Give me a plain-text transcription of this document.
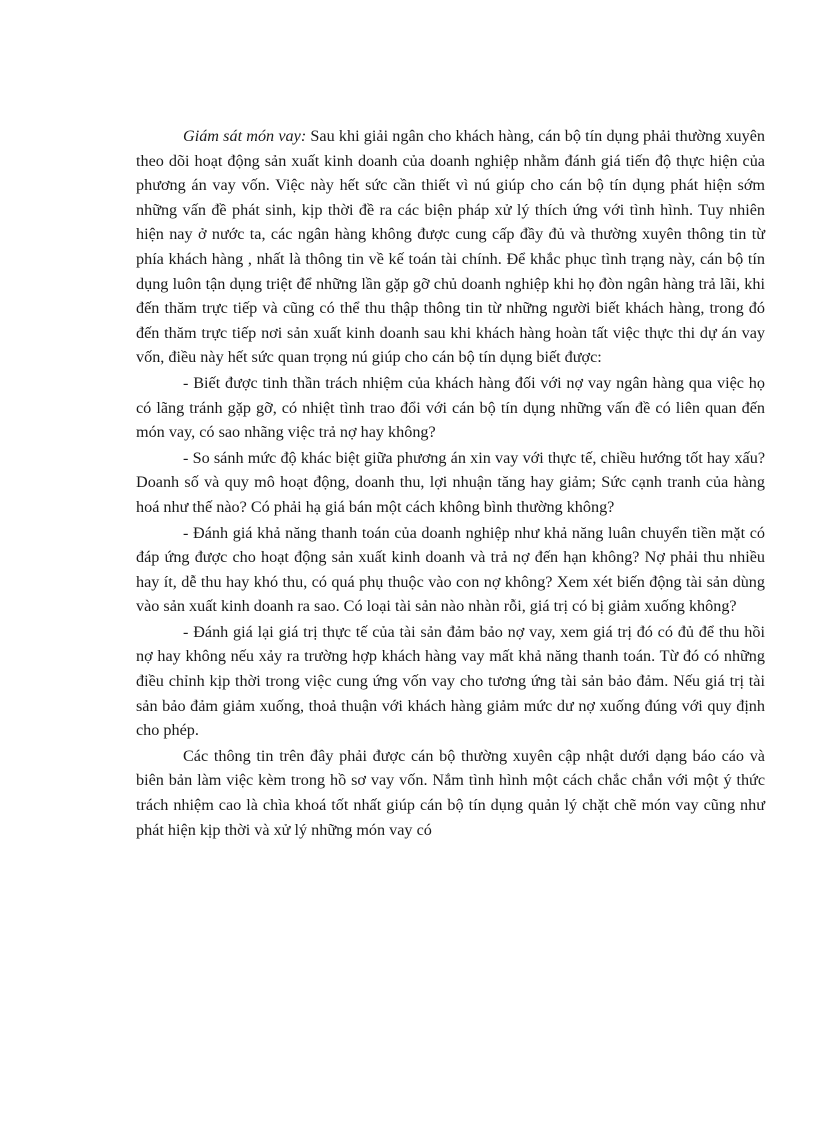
Giám sát món vay: Sau khi giải ngân cho khách hàng, cán bộ tín dụng phải thường xuyên theo dõi hoạt động sản xuất kinh doanh của doanh nghiệp nhằm đánh giá tiến độ thực hiện của phương án vay vốn. Việc này hết sức cần thiết vì nú giúp cho cán bộ tín dụng phát hiện sớm những vấn đề phát sinh, kịp thời đề ra các biện pháp xử lý thích ứng với tình hình. Tuy nhiên hiện nay ở nước ta, các ngân hàng không được cung cấp đầy đủ và thường xuyên thông tin từ phía khách hàng , nhất là thông tin về kế toán tài chính. Để khắc phục tình trạng này, cán bộ tín dụng luôn tận dụng triệt để những lần gặp gỡ chủ doanh nghiệp khi họ đòn ngân hàng trả lãi, khi đến thăm trực tiếp và cũng có thể thu thập thông tin từ những người biết khách hàng, trong đó đến thăm trực tiếp nơi sản xuất kinh doanh sau khi khách hàng hoàn tất việc thực thi dự án vay vốn, điều này hết sức quan trọng nú giúp cho cán bộ tín dụng biết được:

- Biết được tinh thần trách nhiệm của khách hàng đối với nợ vay ngân hàng qua việc họ có lãng tránh gặp gỡ, có nhiệt tình trao đổi với cán bộ tín dụng những vấn đề có liên quan đến món vay, có sao nhãng việc trả nợ hay không?

- So sánh mức độ khác biệt giữa phương án xin vay với thực tế, chiều hướng tốt hay xấu? Doanh số và quy mô hoạt động, doanh thu, lợi nhuận tăng hay giảm; Sức cạnh tranh của hàng hoá như thế nào? Có phải hạ giá bán một cách không bình thường không?

- Đánh giá khả năng thanh toán của doanh nghiệp như khả năng luân chuyển tiền mặt có đáp ứng được cho hoạt động sản xuất kinh doanh và trả nợ đến hạn không? Nợ phải thu nhiều hay ít, dễ thu hay khó thu, có quá phụ thuộc vào con nợ không? Xem xét biến động tài sản dùng vào sản xuất kinh doanh ra sao. Có loại tài sản nào nhàn rỗi, giá trị có bị giảm xuống không?

- Đánh giá lại giá trị thực tế của tài sản đảm bảo nợ vay, xem giá trị đó có đủ để thu hồi nợ hay không nếu xảy ra trường hợp khách hàng vay mất khả năng thanh toán. Từ đó có những điều chỉnh kịp thời trong việc cung ứng vốn vay cho tương ứng tài sản bảo đảm. Nếu giá trị tài sản bảo đảm giảm xuống, thoả thuận với khách hàng giảm mức dư nợ xuống đúng với quy định cho phép.

Các thông tin trên đây phải được cán bộ thường xuyên cập nhật dưới dạng báo cáo và biên bản làm việc kèm trong hồ sơ vay vốn. Nắm tình hình một cách chắc chắn với một ý thức trách nhiệm cao là chìa khoá tốt nhất giúp cán bộ tín dụng quản lý chặt chẽ món vay cũng như phát hiện kịp thời và xử lý những món vay có
